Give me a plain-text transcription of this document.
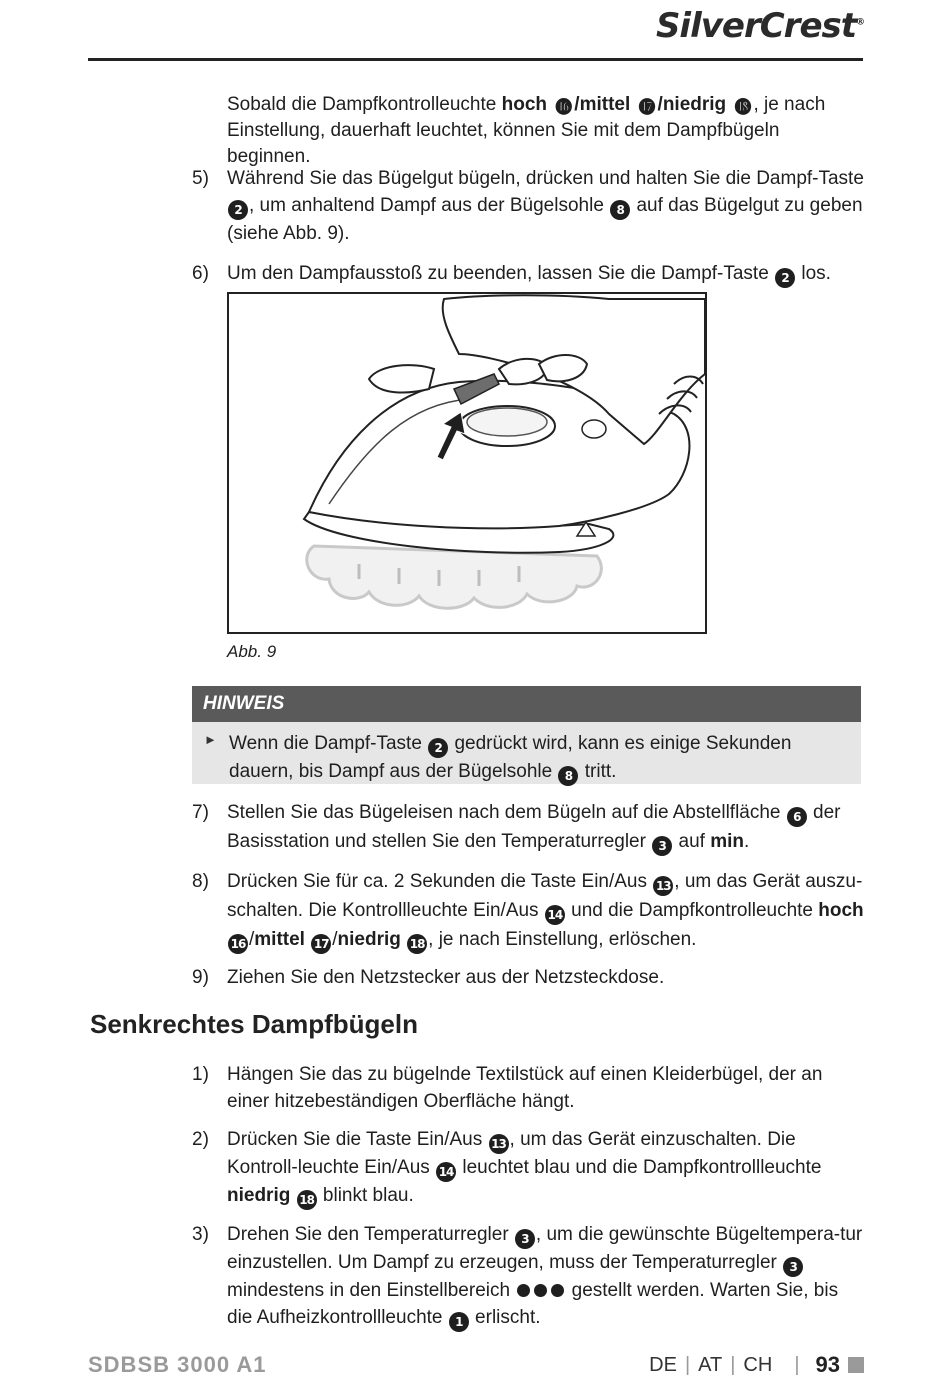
SilverCrest®

Sobald die Dampfkontrolleuchte hoch ⓰ /mittel ⓱ /niedrig ⓲ , je nach Einstellung, dauerhaft leuchtet, können Sie mit dem Dampfbügeln beginnen.

5) Während Sie das Bügelgut bügeln, drücken und halten Sie die Dampf-Taste 2 , um anhaltend Dampf aus der Bügelsohle 8 auf das Bügelgut zu geben (siehe Abb. 9).
6) Um den Dampfausstoß zu beenden, lassen Sie die Dampf-Taste 2 los.
Abb. 9
HINWEIS
► Wenn die Dampf-Taste 2 gedrückt wird, kann es einige Sekunden dauern, bis Dampf aus der Bügelsohle 8 tritt.
7) Stellen Sie das Bügeleisen nach dem Bügeln auf die Abstellfläche 6 der Basisstation und stellen Sie den Temperaturregler 3 auf min.
8) Drücken Sie für ca. 2 Sekunden die Taste Ein/Aus 13 , um das Gerät auszu-schalten. Die Kontrollleuchte Ein/Aus 14 und die Dampfkontrolleuchte hoch 16 /mittel 17 /niedrig 18 , je nach Einstellung, erlöschen.
9) Ziehen Sie den Netzstecker aus der Netzsteckdose.
Senkrechtes Dampfbügeln
1) Hängen Sie das zu bügelnde Textilstück auf einen Kleiderbügel, der an einer hitzebeständigen Oberfläche hängt.
2) Drücken Sie die Taste Ein/Aus 13 , um das Gerät einzuschalten. Die Kontroll-leuchte Ein/Aus 14 leuchtet blau und die Dampfkontrollleuchte niedrig 18 blinkt blau.
3) Drehen Sie den Temperaturregler 3 , um die gewünschte Bügeltempera-tur einzustellen. Um Dampf zu erzeugen, muss der Temperaturregler 3 mindestens in den Einstellbereich	gestellt werden. Warten Sie, bis die Aufheizkontrollleuchte 1 erlischt.
SDBSB 3000 A1	DE | AT | CH | 93
